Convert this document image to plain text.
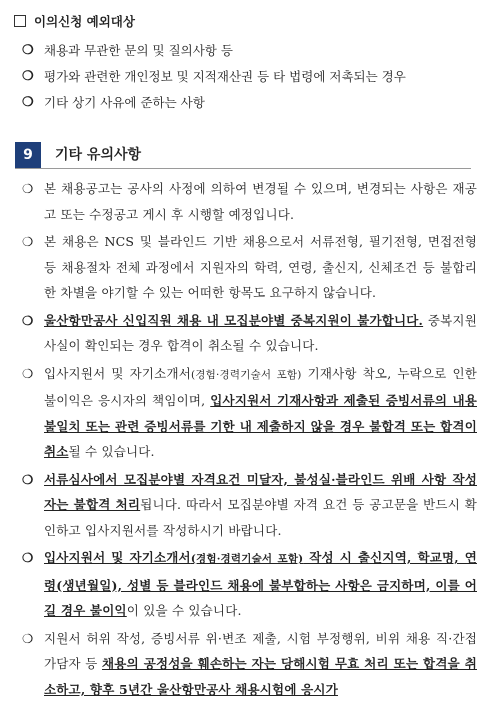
이의신청 예외대상
❍ 채용과 무관한 문의 및 질의사항 등
❍ 평가와 관련한 개인정보 및 지적재산권 등 타 법령에 저촉되는 경우
❍ 기타 상기 사유에 준하는 사항
9	기타 유의사항
❍ 본 채용공고는 공사의 사정에 의하여 변경될 수 있으며, 변경되는 사항은 재공고 또는 수정공고 게시 후 시행할 예정입니다.
❍ 본 채용은 NCS 및 블라인드 기반 채용으로서 서류전형, 필기전형, 면접전형 등 채용절차 전체 과정에서 지원자의 학력, 연령, 출신지, 신체조건 등 불합리한 차별을 야기할 수 있는 어떠한 항목도 요구하지 않습니다.
❍ 울산항만공사 신입직원 채용 내 모집분야별 중복지원이 불가합니다. 중복지원 사실이 확인되는 경우 합격이 취소될 수 있습니다.
❍ 입사지원서 및 자기소개서(경험·경력기술서 포함) 기재사항 착오, 누락으로 인한 불이익은 응시자의 책임이며, 입사지원서 기재사항과 제출된 증빙서류의 내용 불일치 또는 관련 증빙서류를 기한 내 제출하지 않을 경우 불합격 또는 합격이 취소될 수 있습니다.
❍ 서류심사에서 모집분야별 자격요건 미달자, 불성실·블라인드 위배 사항 작성자는 불합격 처리됩니다. 따라서 모집분야별 자격 요건 등 공고문을 반드시 확인하고 입사지원서를 작성하시기 바랍니다.
❍ 입사지원서 및 자기소개서(경험·경력기술서 포함) 작성 시 출신지역, 학교명, 연령(생년월일), 성별 등 블라인드 채용에 불부합하는 사항은 금지하며, 이를 어길 경우 불이익이 있을 수 있습니다.
❍ 지원서 허위 작성, 증빙서류 위·변조 제출, 시험 부정행위, 비위 채용 직·간접 가담자 등 채용의 공정성을 훼손하는 자는 당해시험 무효 처리 또는 합격을 취소하고, 향후 5년간 울산항만공사 채용시험에 응시가
